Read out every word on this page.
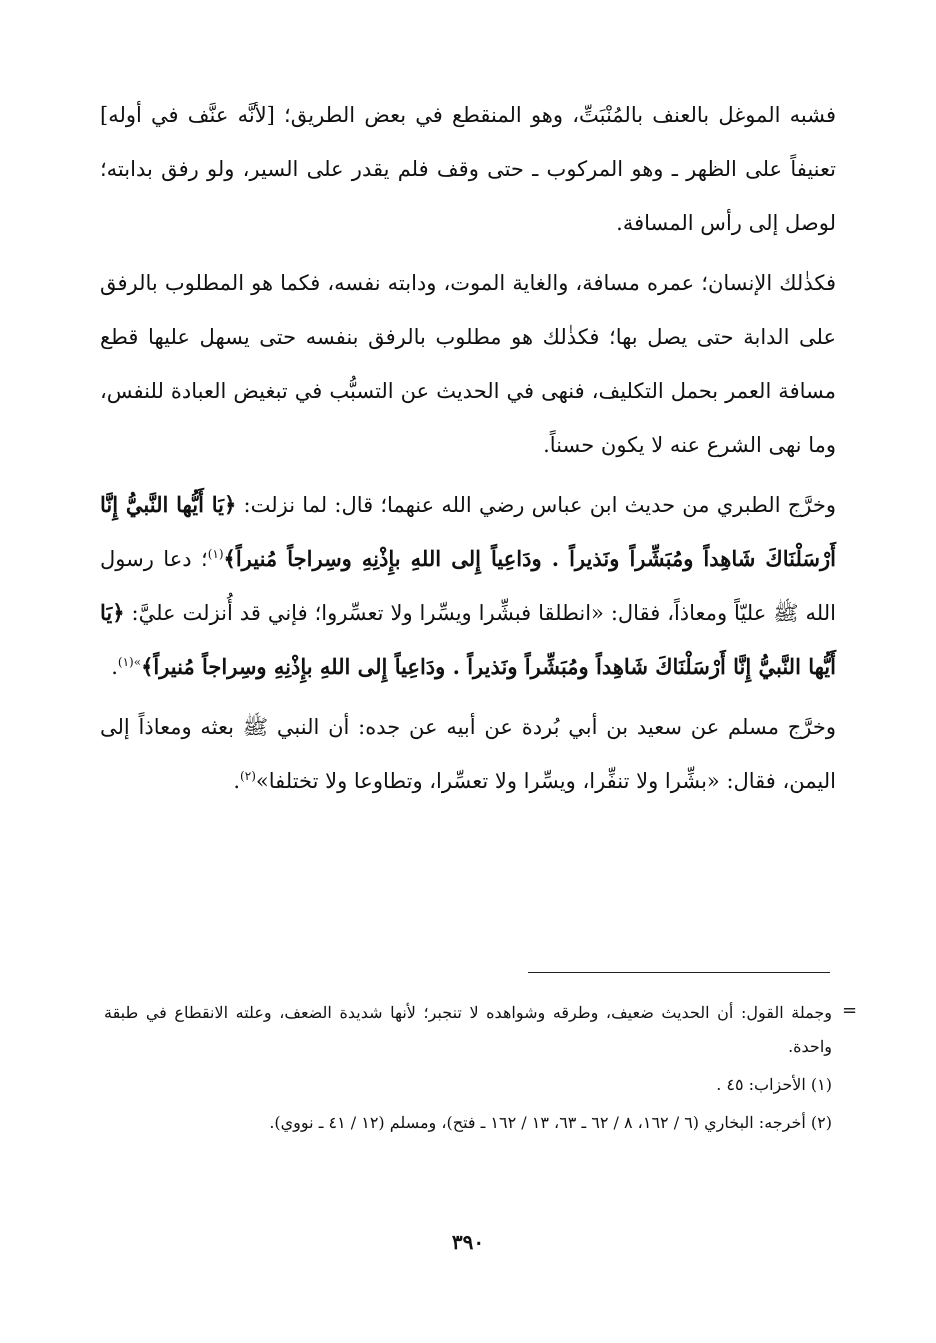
فشبه الموغل بالعنف بالمُنْبَتِّ، وهو المنقطع في بعض الطريق؛ [لأنَّه عنَّف في أوله] تعنيفاً على الظهر ـ وهو المركوب ـ حتى وقف فلم يقدر على السير، ولو رفق بدابته؛ لوصل إلى رأس المسافة.

فكذٰلك الإنسان؛ عمره مسافة، والغاية الموت، ودابته نفسه، فكما هو المطلوب بالرفق على الدابة حتى يصل بها؛ فكذٰلك هو مطلوب بالرفق بنفسه حتى يسهل عليها قطع مسافة العمر بحمل التكليف، فنهى في الحديث عن التسبُّب في تبغيض العبادة للنفس، وما نهى الشرع عنه لا يكون حسناً.

وخرَّج الطبري من حديث ابن عباس رضي الله عنهما؛ قال: لما نزلت: ﴿يَا أَيُّها النَّبيُّ إِنَّا أَرْسَلْنَاكَ شَاهِداً ومُبَشِّراً ونَذيراً . ودَاعِياً إِلى اللهِ بإِذْنِهِ وسِراجاً مُنيراً﴾$^{(١)}$؛ دعا رسول الله ﷺ عليّاً ومعاذاً، فقال: «انطلقا فبشِّرا ويسِّرا ولا تعسِّروا؛ فإني قد أُنزلت عليَّ: ﴿يَا أَيُّها النَّبيُّ إِنَّا أَرْسَلْنَاكَ شَاهِداً ومُبَشِّراً ونَذيراً . ودَاعِياً إِلى اللهِ بإِذْنِهِ وسِراجاً مُنيراً﴾$^{»(١)}$.

وخرَّج مسلم عن سعيد بن أبي بُردة عن أبيه عن جده: أن النبي ﷺ بعثه ومعاذاً إلى اليمن، فقال: «بشِّرا ولا تنفِّرا، ويسِّرا ولا تعسِّرا، وتطاوعا ولا تختلفا»$^{(٢)}$.

=

وجملة القول: أن الحديث ضعيف، وطرقه وشواهده لا تنجبر؛ لأنها شديدة الضعف، وعلته الانقطاع في طبقة واحدة.

(١) الأحزاب: ٤٥ .

(٢) أخرجه: البخاري (٦ / ١٦٢، ٨ / ٦٢ ـ ٦٣، ١٣ / ١٦٢ ـ فتح)، ومسلم (١٢ / ٤١ ـ نووي).

٣٩٠
